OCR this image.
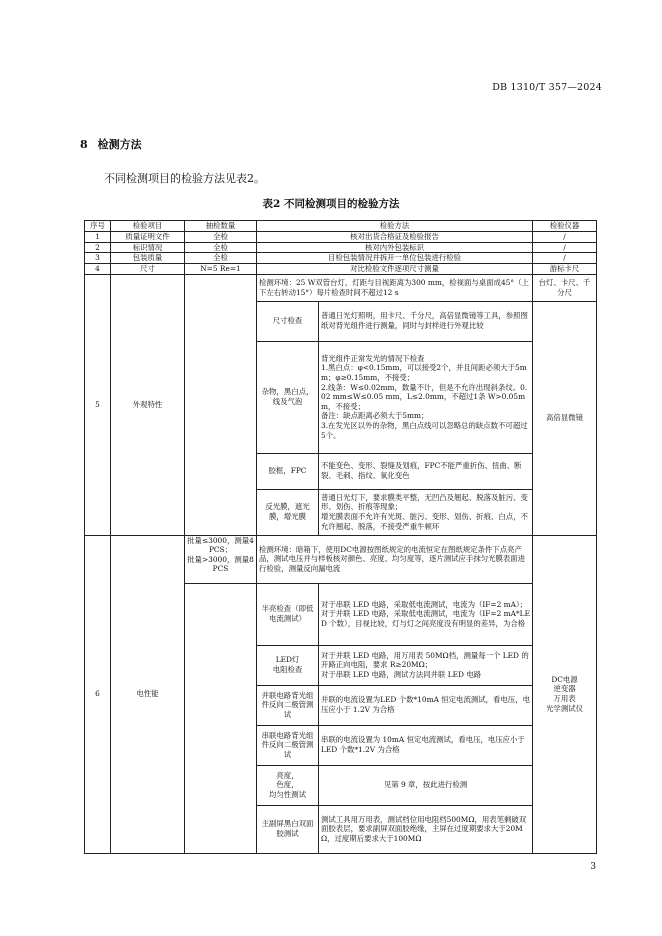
DB 1310/T 357—2024
8 检测方法
不同检测项目的检验方法见表2。
表2 不同检测项目的检验方法
序号	检验项目	抽检数量	检验方法		检验仪器
1	质量证明文件	全检	核对出货合格证及检验报告		/
2	标识情况	全检	核对内外包装标识		/
3	包装质量	全检	目检包装情况并拆开一单位包装进行检验		/
4	尺寸	N=5 Re=1	对比检验文件逐项尺寸测量		游标卡尺
5	外观特性		检测环境：25 W双管台灯，灯距与目视距离为300 mm，检视面与桌面成45°（上下左右转动15°）每片检查时间不超过12 s		台灯、卡尺、千分尺
			尺寸检查	普通日光灯照明，用卡尺、千分尺，高倍显微镜等工具，参照图纸对背光组件进行测量，同时与封样进行外观比较	高倍显微镜
			杂物，黑白点，线及气泡	背光组件正常发光的情况下检查
1.黑白点：φ<0.15mm，可以接受2个，并且间距必须大于5mm；φ≥0.15mm，不接受；
2.线条：W≤0.02mm，数量不计，但是不允许出现斜条纹。0.02 mm≤W≤0.05 mm，L≤2.0mm，不超过1条 W>0.05mm，不接受；
备注：缺点距离必须大于5mm；
3.在发光区以外的杂物，黑白点线可以忽略总的缺点数不可超过5个。	
			胶框，FPC	不能变色、变形、裂缝及划痕，FPC不能严重折伤、扭曲、断裂、毛刺、指纹、氧化变色	
			反光膜，遮光膜，增光膜	普通日光灯下，要求膜类平整，无凹凸及翘起、脱落及脏污、变形、划伤、折痕等现象；
增光膜表面不允许有光斑、脏污、变形、划伤、折痕、白点，不允许翘起、脱落，不接受严重牛顿环	
6	电性能	批量≤3000，测量4 PCS；
批量>3000，测量8 PCS	检测环境：暗箱下，使用DC电源按图纸规定的电流恒定在图纸规定条件下点亮产品，测试电压并与样板核对颜色、亮度、均匀度等，逐片测试应手抹匀光膜表面进行检验，测量反向漏电流		DC电源
逆变器
万用表
光学测试仪
			半亮检查（即低电流测试）	对于串联 LED 电路，采取低电流测试，电流为（IF=2 mA）；
对于并联 LED 电路，采取低电流测试，电流为（IF=2 mA*LED 个数），目视比较，灯与灯之间亮度没有明显的差异，为合格	
			LED灯
电阻检查	对于并联 LED 电路，用万用表 50MΩ档，测量每一个 LED 的开路正向电阻，要求 R≥20MΩ；
对于串联 LED 电路，测试方法同并联 LED 电路	
			并联电路背光组件反向二极管测试	并联的电流设置为LED 个数*10mA 恒定电流测试，看电压，电压应小于 1.2V 为合格	
			串联电路背光组件反向二极管测试	串联的电流设置为 10mA 恒定电流测试，看电压，电压应小于 LED 个数*1.2V 为合格	
			亮度，
色度，
均匀性测试	见第 9 章，按此进行检测	
			主副屏黑白双面胶测试	测试工具用万用表，测试档位用电阻档500MΩ，用表笔剩破双面胶表层，要求副屏双面胶绝缘，主屏在过度期要求大于20MΩ，过度期后要求大于100MΩ	
3
